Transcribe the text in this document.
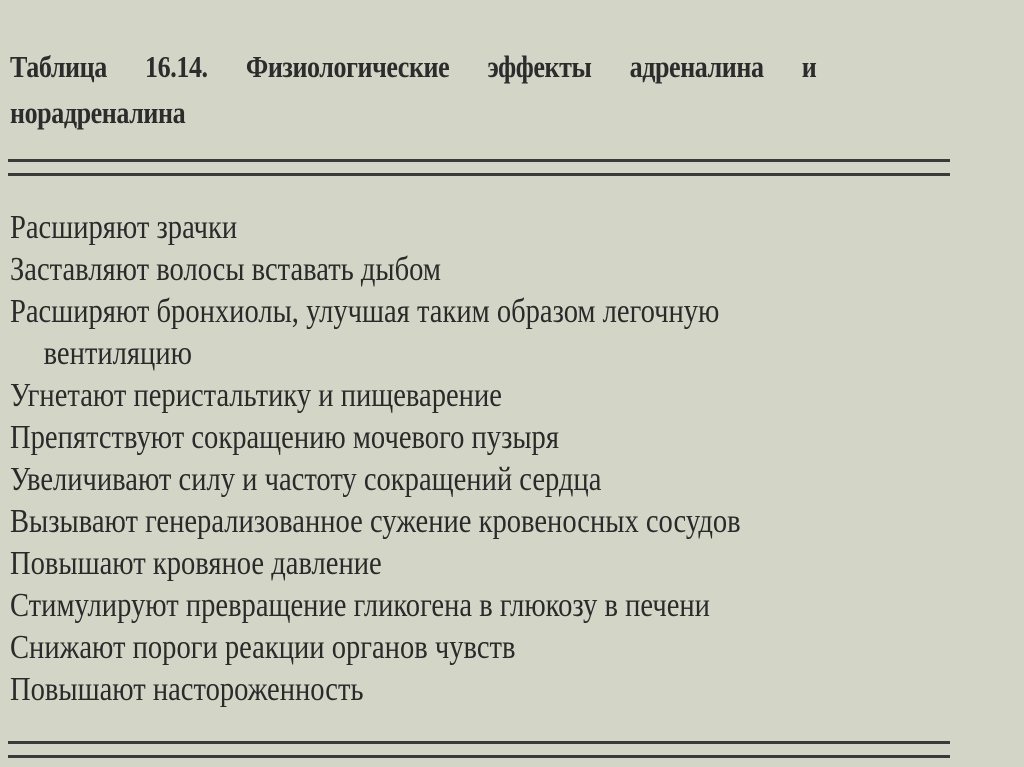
Таблица 16.14. Физиологические эффекты адреналина и норадреналина
Расширяют зрачки
Заставляют волосы вставать дыбом
Расширяют бронхиолы, улучшая таким образом легочную
вентиляцию
Угнетают перистальтику и пищеварение
Препятствуют сокращению мочевого пузыря
Увеличивают силу и частоту сокращений сердца
Вызывают генерализованное сужение кровеносных сосудов
Повышают кровяное давление
Стимулируют превращение гликогена в глюкозу в печени
Снижают пороги реакции органов чувств
Повышают настороженность
